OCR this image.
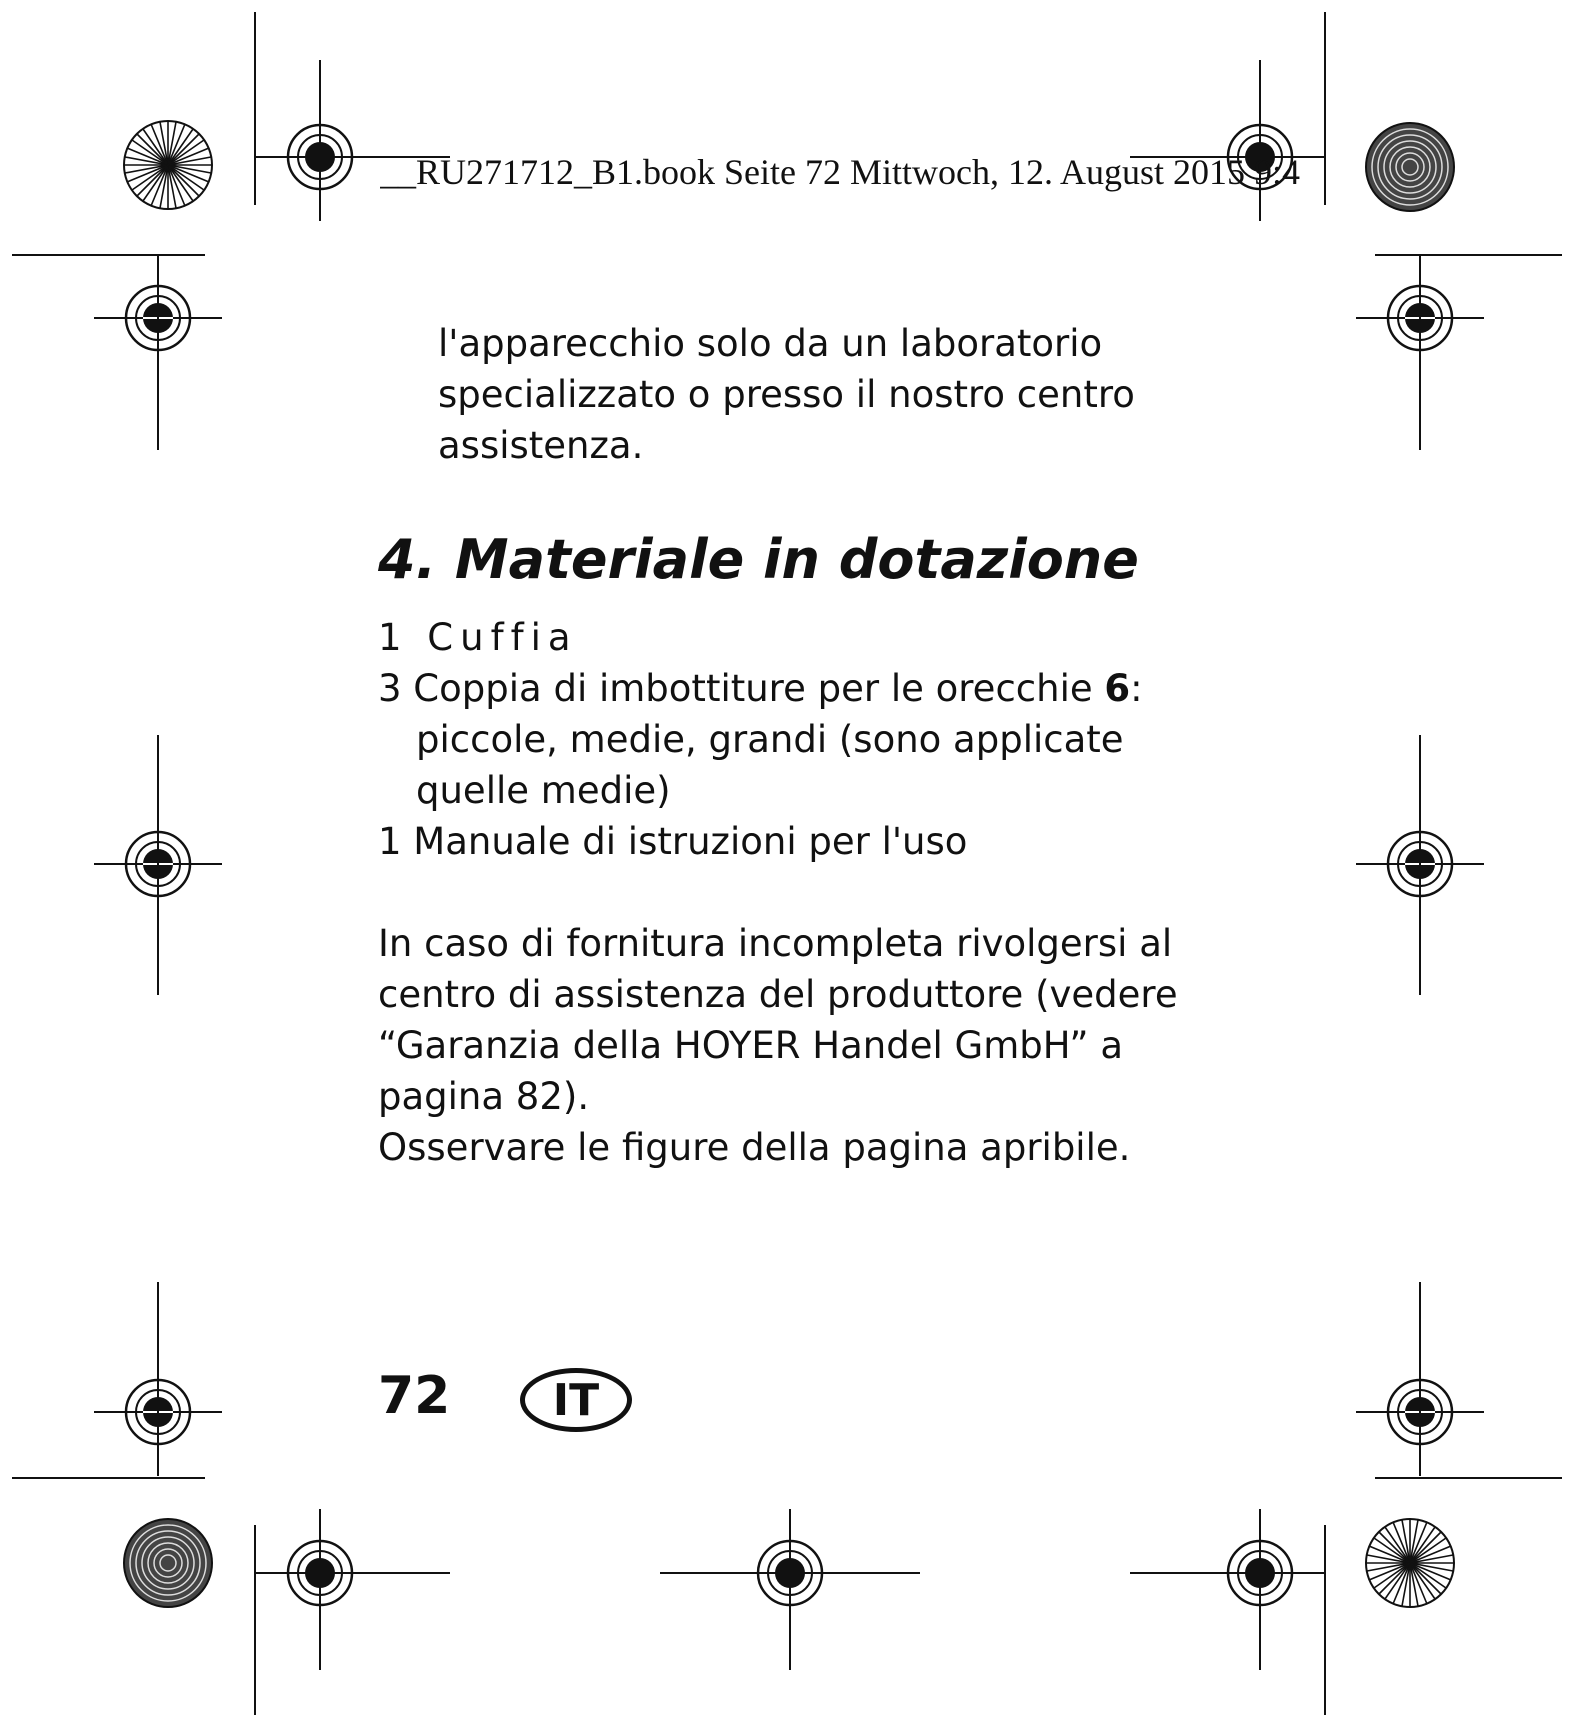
__RU271712_B1.book Seite 72 Mittwoch, 12. August 2015 9:4
l'apparecchio solo da un laboratorio
specializzato o presso il nostro centro
assistenza.
4. Materiale in dotazione
1 Cuffia
3 Coppia di imbottiture per le orecchie 6:
piccole, medie, grandi (sono applicate
quelle medie)
1 Manuale di istruzioni per l'uso
In caso di fornitura incompleta rivolgersi al
centro di assistenza del produttore (vedere
“Garanzia della HOYER Handel GmbH” a
pagina 82).
Osservare le figure della pagina apribile.
72 IT
